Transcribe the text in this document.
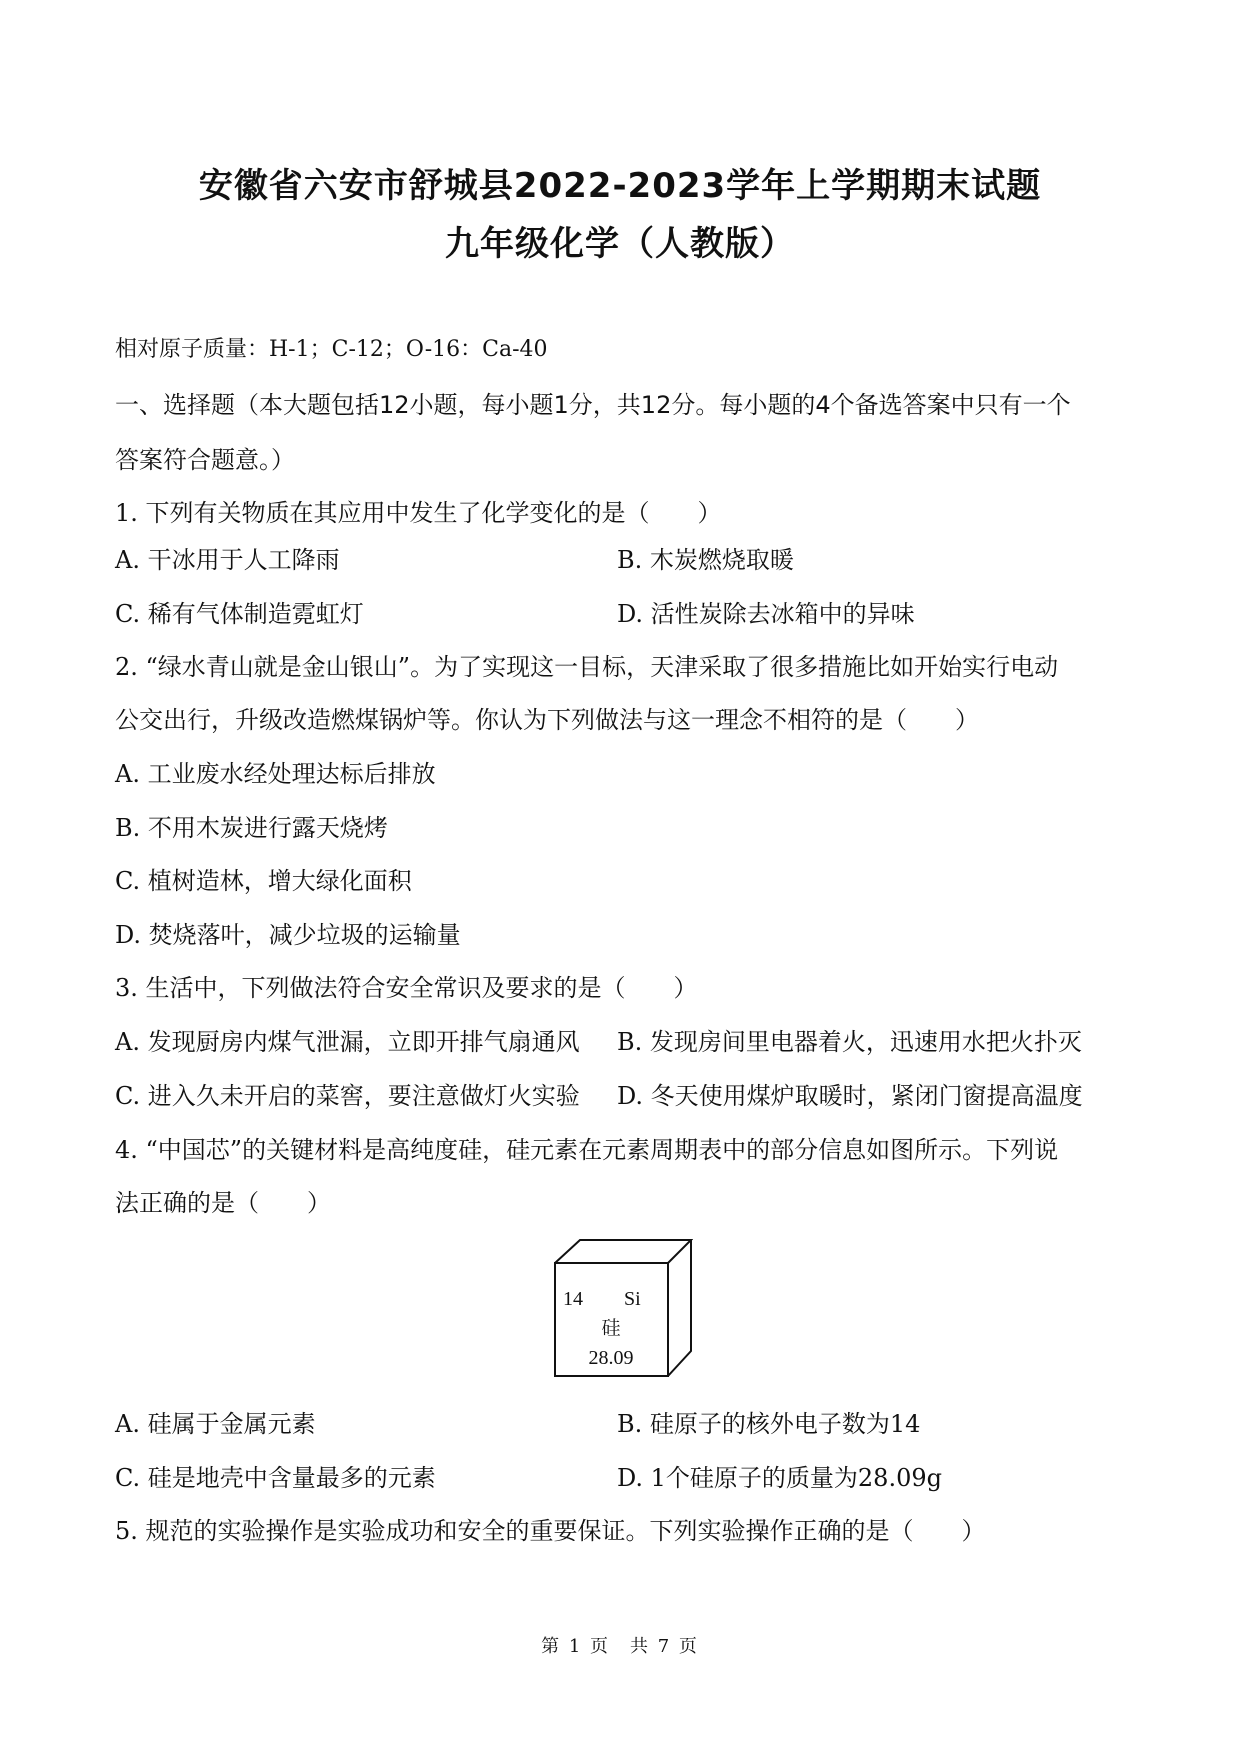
安徽省六安市舒城县2022-2023学年上学期期末试题
九年级化学（人教版）
相对原子质量：H-1；C-12；O-16：Ca-40
一、选择题（本大题包括12小题，每小题1分，共12分。每小题的4个备选答案中只有一个
答案符合题意。）
1. 下列有关物质在其应用中发生了化学变化的是（　　）
A. 干冰用于人工降雨	B. 木炭燃烧取暖
C. 稀有气体制造霓虹灯	D. 活性炭除去冰箱中的异味
2. “绿水青山就是金山银山”。为了实现这一目标，天津采取了很多措施比如开始实行电动
公交出行，升级改造燃煤锅炉等。你认为下列做法与这一理念不相符的是（　　）
A. 工业废水经处理达标后排放
B. 不用木炭进行露天烧烤
C. 植树造林，增大绿化面积
D. 焚烧落叶，减少垃圾的运输量
3. 生活中，下列做法符合安全常识及要求的是（　　）
A. 发现厨房内煤气泄漏，立即开排气扇通风 B. 发现房间里电器着火，迅速用水把火扑灭
C. 进入久未开启的菜窖，要注意做灯火实验 D. 冬天使用煤炉取暖时，紧闭门窗提高温度
4. “中国芯”的关键材料是高纯度硅，硅元素在元素周期表中的部分信息如图所示。下列说
法正确的是（　　）
14 Si
硅
28.09
A. 硅属于金属元素	B. 硅原子的核外电子数为14
C. 硅是地壳中含量最多的元素	D. 1个硅原子的质量为28.09g
5. 规范的实验操作是实验成功和安全的重要保证。下列实验操作正确的是（　　）
第 1 页　共 7 页
